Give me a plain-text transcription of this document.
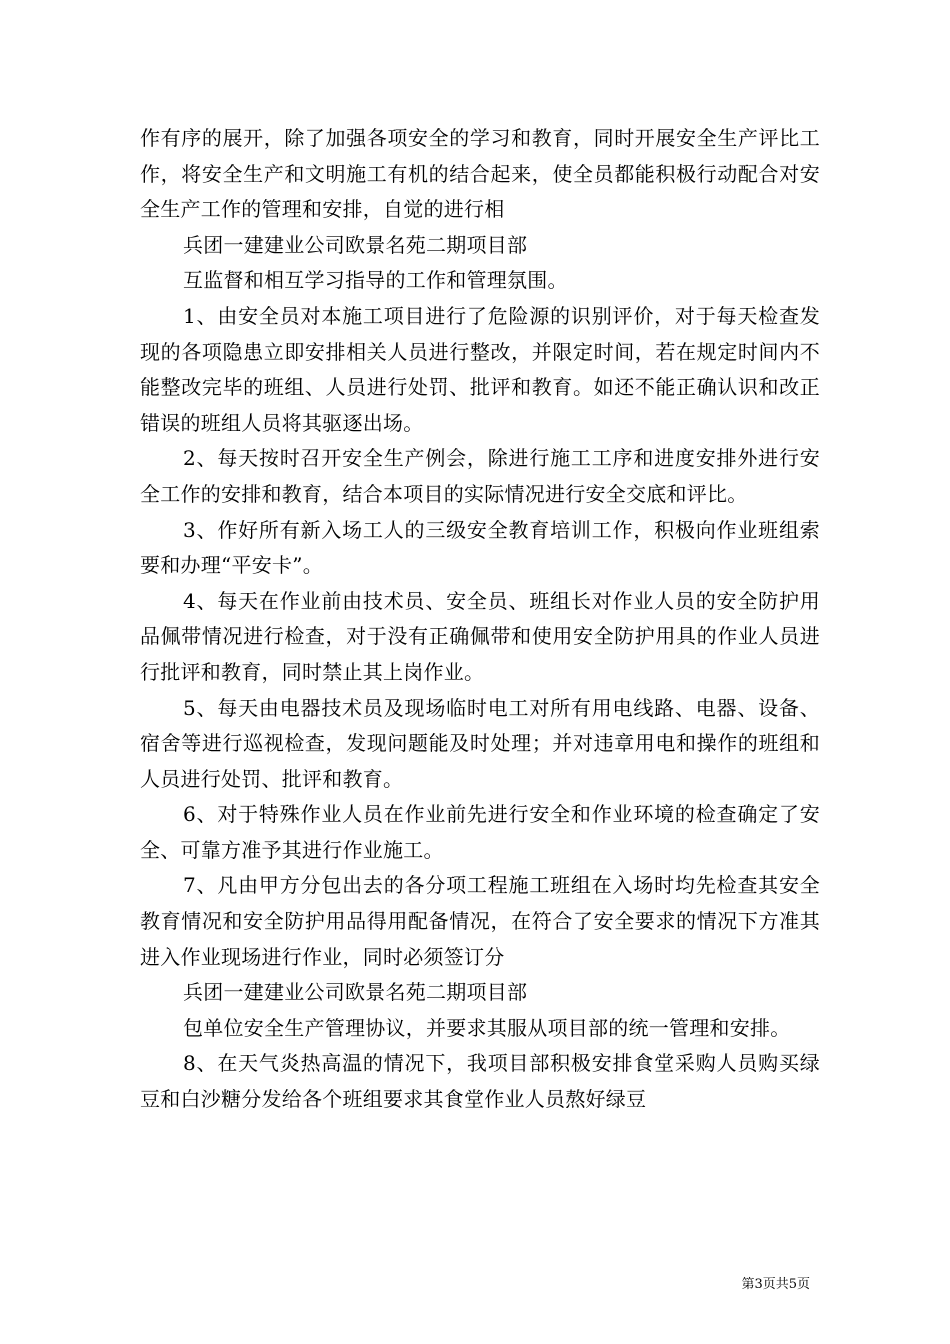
作有序的展开，除了加强各项安全的学习和教育，同时开展安全生产评比工作，将安全生产和文明施工有机的结合起来，使全员都能积极行动配合对安全生产工作的管理和安排，自觉的进行相

兵团一建建业公司欧景名苑二期项目部

互监督和相互学习指导的工作和管理氛围。

1、由安全员对本施工项目进行了危险源的识别评价，对于每天检查发现的各项隐患立即安排相关人员进行整改，并限定时间，若在规定时间内不能整改完毕的班组、人员进行处罚、批评和教育。如还不能正确认识和改正错误的班组人员将其驱逐出场。

2、每天按时召开安全生产例会，除进行施工工序和进度安排外进行安全工作的安排和教育，结合本项目的实际情况进行安全交底和评比。

3、作好所有新入场工人的三级安全教育培训工作，积极向作业班组索要和办理“平安卡”。

4、每天在作业前由技术员、安全员、班组长对作业人员的安全防护用品佩带情况进行检查，对于没有正确佩带和使用安全防护用具的作业人员进行批评和教育，同时禁止其上岗作业。

5、每天由电器技术员及现场临时电工对所有用电线路、电器、设备、宿舍等进行巡视检查，发现问题能及时处理；并对违章用电和操作的班组和人员进行处罚、批评和教育。

6、对于特殊作业人员在作业前先进行安全和作业环境的检查确定了安全、可靠方准予其进行作业施工。

7、凡由甲方分包出去的各分项工程施工班组在入场时均先检查其安全教育情况和安全防护用品得用配备情况，在符合了安全要求的情况下方准其进入作业现场进行作业，同时必须签订分

兵团一建建业公司欧景名苑二期项目部

包单位安全生产管理协议，并要求其服从项目部的统一管理和安排。

8、在天气炎热高温的情况下，我项目部积极安排食堂采购人员购买绿豆和白沙糖分发给各个班组要求其食堂作业人员熬好绿豆

第3页共5页
